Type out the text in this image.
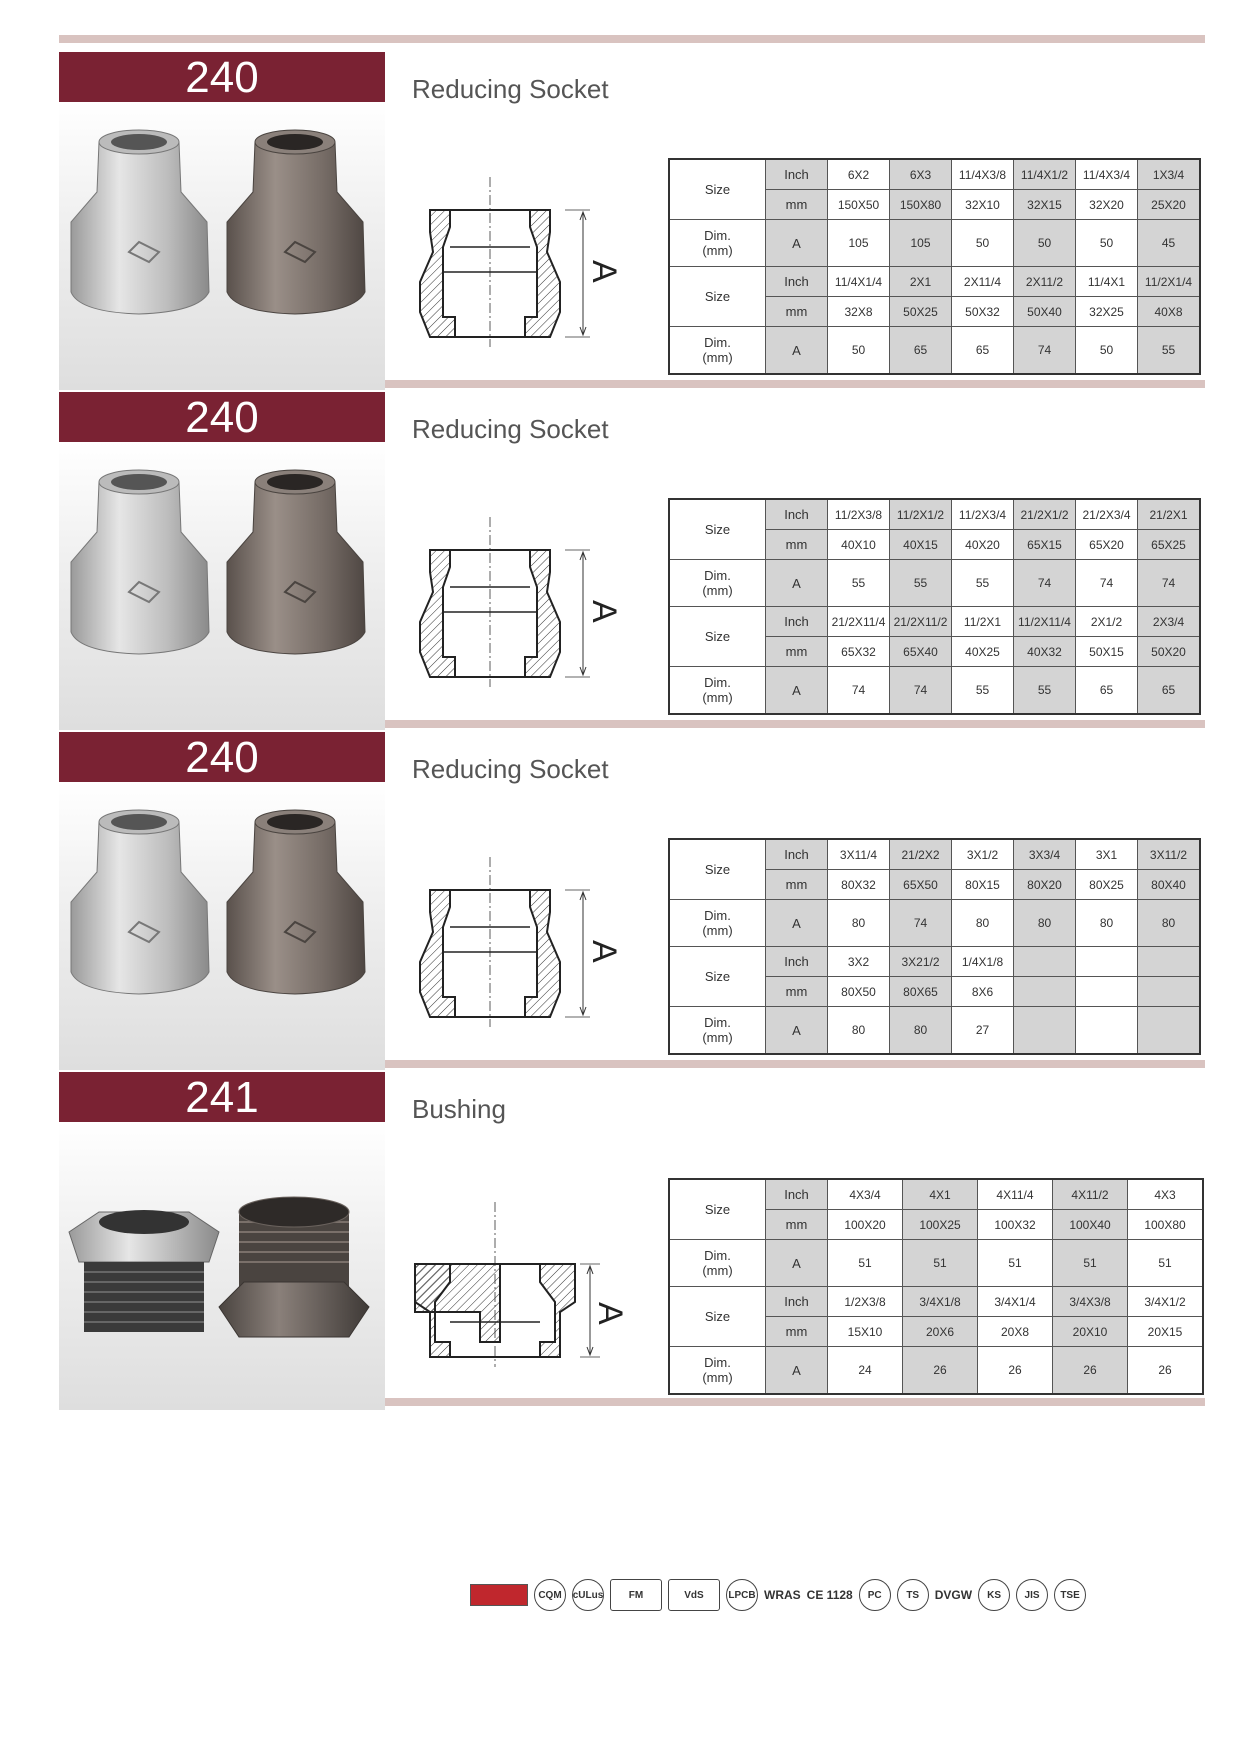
240	Reducing Socket
A
Size	Inch	6X2	6X3	11/4X3/8	11/4X1/2	11/4X3/4	1X3/4
	mm	150X50	150X80	32X10	32X15	32X20	25X20

Dim.
(mm)	A	105	105	50	50	50	45
Size	Inch	11/4X1/4	2X1	2X11/4	2X11/2	11/4X1	11/2X1/4
	mm	32X8	50X25	50X32	50X40	32X25	40X8

Dim.
(mm)	A	50	65	65	74	50	55
240	Reducing Socket
A
Size	Inch	11/2X3/8	11/2X1/2	11/2X3/4	21/2X1/2	21/2X3/4	21/2X1
	mm	40X10	40X15	40X20	65X15	65X20	65X25

Dim.
(mm)	A	55	55	55	74	74	74
Size	Inch	21/2X11/4	21/2X11/2	11/2X1	11/2X11/4	2X1/2	2X3/4
	mm	65X32	65X40	40X25	40X32	50X15	50X20

Dim.
(mm)	A	74	74	55	55	65	65
240	Reducing Socket
A
Size	Inch	3X11/4	21/2X2	3X1/2	3X3/4	3X1	3X11/2
	mm	80X32	65X50	80X15	80X20	80X25	80X40

Dim.
(mm)	A	80	74	80	80	80	80
Size	Inch	3X2	3X21/2	1/4X1/8			
	mm	80X50	80X65	8X6			

Dim.
(mm)	A	80	80	27			
241	Bushing
A
Size	Inch	4X3/4	4X1	4X11/4	4X11/2	4X3
	mm	100X20	100X25	100X32	100X40	100X80

Dim.
(mm)	A	51	51	51	51	51
Size	Inch	1/2X3/8	3/4X1/8	3/4X1/4	3/4X3/8	3/4X1/2
	mm	15X10	20X6	20X8	20X10	20X15

Dim.
(mm)	A	24	26	26	26	26
CQM	cULus	FM	VdS	LPCB WRAS CE 1128	PC	TS	DVGW	KS	JIS	TSE
